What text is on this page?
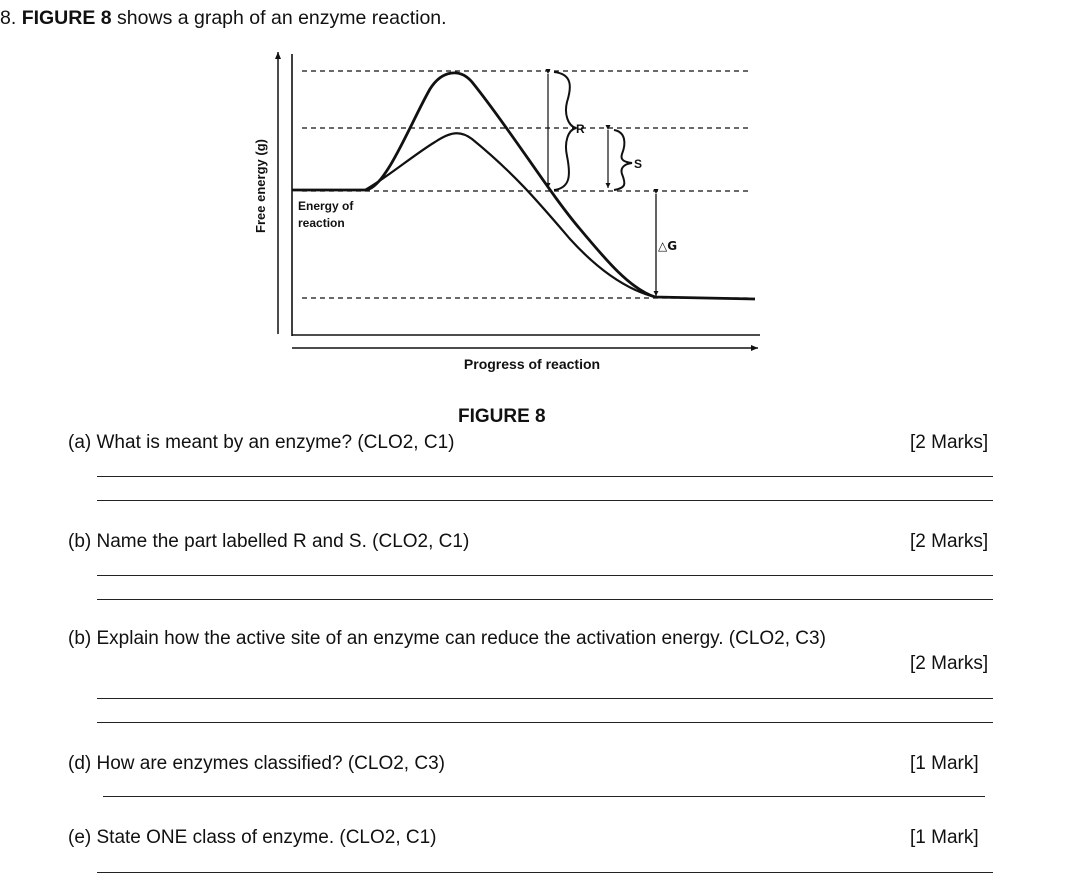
8. FIGURE 8 shows a graph of an enzyme reaction.
R
S
△G
Energy of
reaction
Free energy (g)
Progress of reaction
FIGURE 8
(a) What is meant by an enzyme? (CLO2, C1)	[2 Marks]
(b) Name the part labelled R and S. (CLO2, C1)	[2 Marks]
(b) Explain how the active site of an enzyme can reduce the activation energy. (CLO2, C3)
[2 Marks]
(d) How are enzymes classified? (CLO2, C3)	[1 Mark]
(e) State ONE class of enzyme. (CLO2, C1)	[1 Mark]
